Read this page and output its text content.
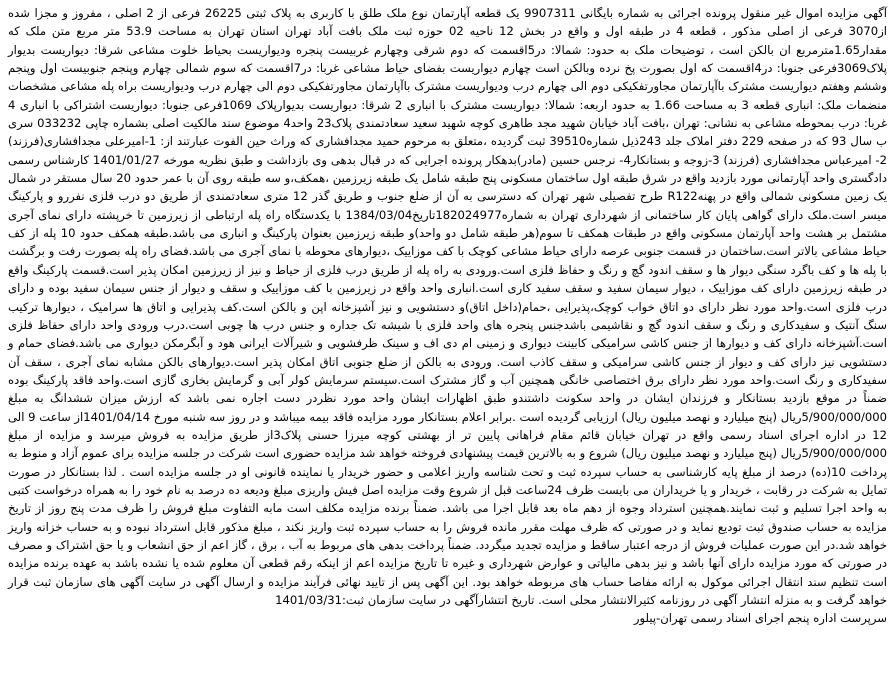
آگهی مزایده اموال غیر منقول پرونده اجرائی به شماره بایگانی 9907311 یک قطعه آپارتمان نوع ملک طلق با کاربری به پلاک ثبتی 26225 فرعی از 2 اصلی ، مفروز و مجزا شده از3070 فرعی از اصلی مذکور ، قطعه 4 در طبقه اول و واقع در بخش 12 ناحیه 02 حوزه ثبت ملک بافت آباد تهران استان تهران به مساحت 53.9 متر مربع متن ملک که مقدار1.65مترمربع ان بالکن است ، توضیحات ملک به حدود: شمالا: درl5قسمت که دوم شرقی وچهارم غربیست پنجره ودیواریست بحیاط خلوت مشاعی شرقا: دیواریست بدیوار پلاک3069فرعی جنوبا: درl4قسمت که اول بصورت پخ نرده وبالکن است چهارم دیواریست بفضای حیاط مشاعی غربا: درl7قسمت که سوم شمالی چهارم وپنجم جنوبیست اول وپنجم وششم وهفتم دیواریست مشترک باآپارتمان مجاورتفکیکی دوم الی چهارم درب ودیواریست مشترک باآپارتمان مجاورتفکیکی دوم الی چهارم درب ودیواریست براه پله مشاعی مشخصات منضمات ملک: انباری قطعه 3 به مساحت 1.66 به حدود اربعه: شمالا: دیواریست مشترک با انباری 2 شرقا: دیواریست بدیوارپلاک 1069فرعی جنوبا: دیواریست اشتراکی با انباری 4 غربا: درب بمحوطه مشاعی به نشانی: تهران ،بافت آباد خیابان شهید مجد طاهری کوچه شهید سعید سعادتمندی پلاک23 واحد4 موضوع سند مالکیت اصلی بشماره چاپی 033232 سری ب سال 93 که در صفحه 229 دفتر املاک جلد 243ذیل شماره39510 ثبت گردیده ،متعلق به مرحوم حمید مجدافشاری که وراث حین الفوت عبارتند از: 1-امیرعلی مجدافشاری(فرزند) 2- امیرعباس مجدافشاری (فرزند) 3-زوجه و بستانکار4- نرجس حسین (مادر)بدهکار پرونده اجرایی که در قبال بدهی وی بازداشت و طبق نظریه مورخه 1401/01/27 کارشناس رسمی دادگستری واحد آپارتمانی مورد بازدید واقع در شرق طبقه اول ساختمان مسکونی پنج طبقه شامل یک طبقه زیرزمین ،همکف،و سه طبقه روی آن با عمر حدود 20 سال مستقر در شمال یک زمین مسکونی شمالی واقع در پهنهR122 طرح تفصیلی شهر تهران که دسترسی به آن از ضلع جنوب و طریق گذر 12 متری سعادتمندی از طریق دو درب فلزی نفررو و پارکینگ میسر است.ملک دارای گواهی پایان کار ساختمانی از شهرداری تهران به شماره182024977تاریخ1384/03/04 با یکدستگاه راه پله ارتباطی از زیرزمین تا خرپشته دارای نمای آجری مشتمل بر هشت واحد آپارتمان مسکونی واقع در طبقات همکف تا سوم(هر طبقه شامل دو واحد)و طبقه زیرزمین بعنوان پارکینگ و انباری می باشد.طبقه همکف حدود 10 پله از کف حیاط مشاعی بالاتر است.ساختمان در قسمت جنوبی عرصه دارای حیاط مشاعی کوچک با کف موزاییک ،دیوارهای محوطه با نمای آجری می باشد.فضای راه پله بصورت رفت و برگشت با پله ها و کف باگرد سنگی دیوار ها و سقف اندود گچ و رنگ و حفاظ فلزی است.ورودی به راه پله از طریق درب فلزی از حیاط و نیز از زیرزمین امکان پذیر است.قسمت پارکینگ واقع در طبقه زیرزمین دارای کف موزاییک ، دیوار سیمان سفید و سقف سفید کاری است.انباری واحد واقع در زیرزمین با کف موزاییک و سقف و دیوار از جنس سیمان سفید بوده و دارای درب فلزی است.واحد مورد نظر دارای دو اتاق خواب کوچک،پذیرایی ،حمام(داخل اتاق)و دستشویی و نیز آشپزخانه اپن و بالکن است.کف پذیرایی و اتاق ها سرامیک ، دیوارها ترکیب سنگ آنتیک و سفیدکاری و رنگ و سقف اندود گچ و نقاشیمی باشدجنس پنجره های واحد فلزی با شیشه تک جداره و جنس درب ها چوبی است.درب ورودی واحد دارای حفاظ فلزی است.آشپزخانه دارای کف و دیوارها از جنس کاشی سرامیکی کابینت دیواری و زمینی ام دی اف و سینک ظرفشویی و شیرآلات ایرانی هود و آبگرمکن دیواری می باشد.فضای حمام و دستشویی نیز دارای کف و دیوار از جنس کاشی سرامیکی و سقف کاذب است. ورودی به بالکن از ضلع جنوبی اتاق امکان پذیر است.دیوارهای بالکن مشابه نمای آجری ، سقف آن سفیدکاری و رنگ است.واحد مورد نظر دارای برق اختصاصی خانگی همچنین آب و گاز مشترک است.سیستم سرمایش کولر آبی و گرمایش بخاری گازی است.واحد فاقد پارکینگ بوده ضمناً در موقع بازدید بستانکار و فرزندان ایشان در واحد سکونت داشتندو طبق اظهارات ایشان واحد مورد نظردر دست اجاره نمی باشد که ارزش میزان ششدانگ به مبلغ 5/900/000/000ریال (پنج میلیارد و نهصد میلیون ریال) ارزیابی گردیده است .برابر اعلام بستانکار مورد مزایده فاقد بیمه میباشد و در روز سه شنبه مورخ 1401/04/14از ساعت 9 الی 12 در اداره اجرای اسناد رسمی واقع در تهران خیابان قائم مقام فراهانی پایین تر از بهشتی کوچه میرزا حسنی پلاک3از طریق مزایده به فروش میرسد و مزایده از مبلغ 5/900/000/000ریال (پنج میلیارد و نهصد میلیون ریال) شروع و به بالاترین قیمت پیشنهادی فروخته خواهد شد مزایده حضوری است شرکت در جلسه مزایده برای عموم آزاد و منوط به پرداخت 10(ده) درصد از مبلغ پایه کارشناسی به حساب سپرده ثبت و تحت شناسه واریز اعلامی و حضور خریدار یا نماینده قانونی او در جلسه مزایده است . لذا بستانکار در صورت تمایل به شرکت در رقابت ، خریدار و یا خریداران می بایست ظرف 24ساعت قبل از شروع وقت مزایده اصل فیش واریزی مبلغ ودیعه ده درصد به نام خود را به همراه درخواست کتبی به واحد اجرا تسلیم و ثبت نمایند.همچنین استرداد وجوه از دهم ماه بعد قابل اجرا می باشد. ضمناً برنده مزایده مکلف است مابه التفاوت مبلغ فروش را ظرف مدت پنج روز از تاریخ مزایده به حساب صندوق ثبت تودیع نماید و در صورتی که ظرف مهلت مقرر مانده فروش را به حساب سپرده ثبت واریز نکند ، مبلغ مذکور قابل استرداد نبوده و به حساب خزانه واریز خواهد شد.در این صورت عملیات فروش از درجه اعتبار ساقط و مزایده تجدید میگردد. ضمناً پرداخت بدهی های مربوط به آب ، برق ، گاز اعم از حق انشعاب و یا حق اشتراک و مصرف در صورتی که مورد مزایده دارای آنها باشد و نیز بدهی مالیاتی و عوارض شهرداری و غیره تا تاریخ مزایده اعم از اینکه رقم قطعی آن معلوم شده یا نشده باشد به عهده برنده مزایده است تنظیم سند انتقال اجرائی موکول به ارائه مفاصا حساب های مربوطه خواهد بود. این آگهی پس از تایید نهائی فرآیند مزایده و ارسال آگهی در سایت آگهی های سازمان ثبت قرار خواهد گرفت و به منزله انتشار آگهی در روزنامه کثیرالانتشار محلی است. تاریخ انتشارآگهی در سایت سازمان ثبت:1401/03/31

سرپرست اداره پنجم اجرای اسناد رسمی تهران-پیلور
